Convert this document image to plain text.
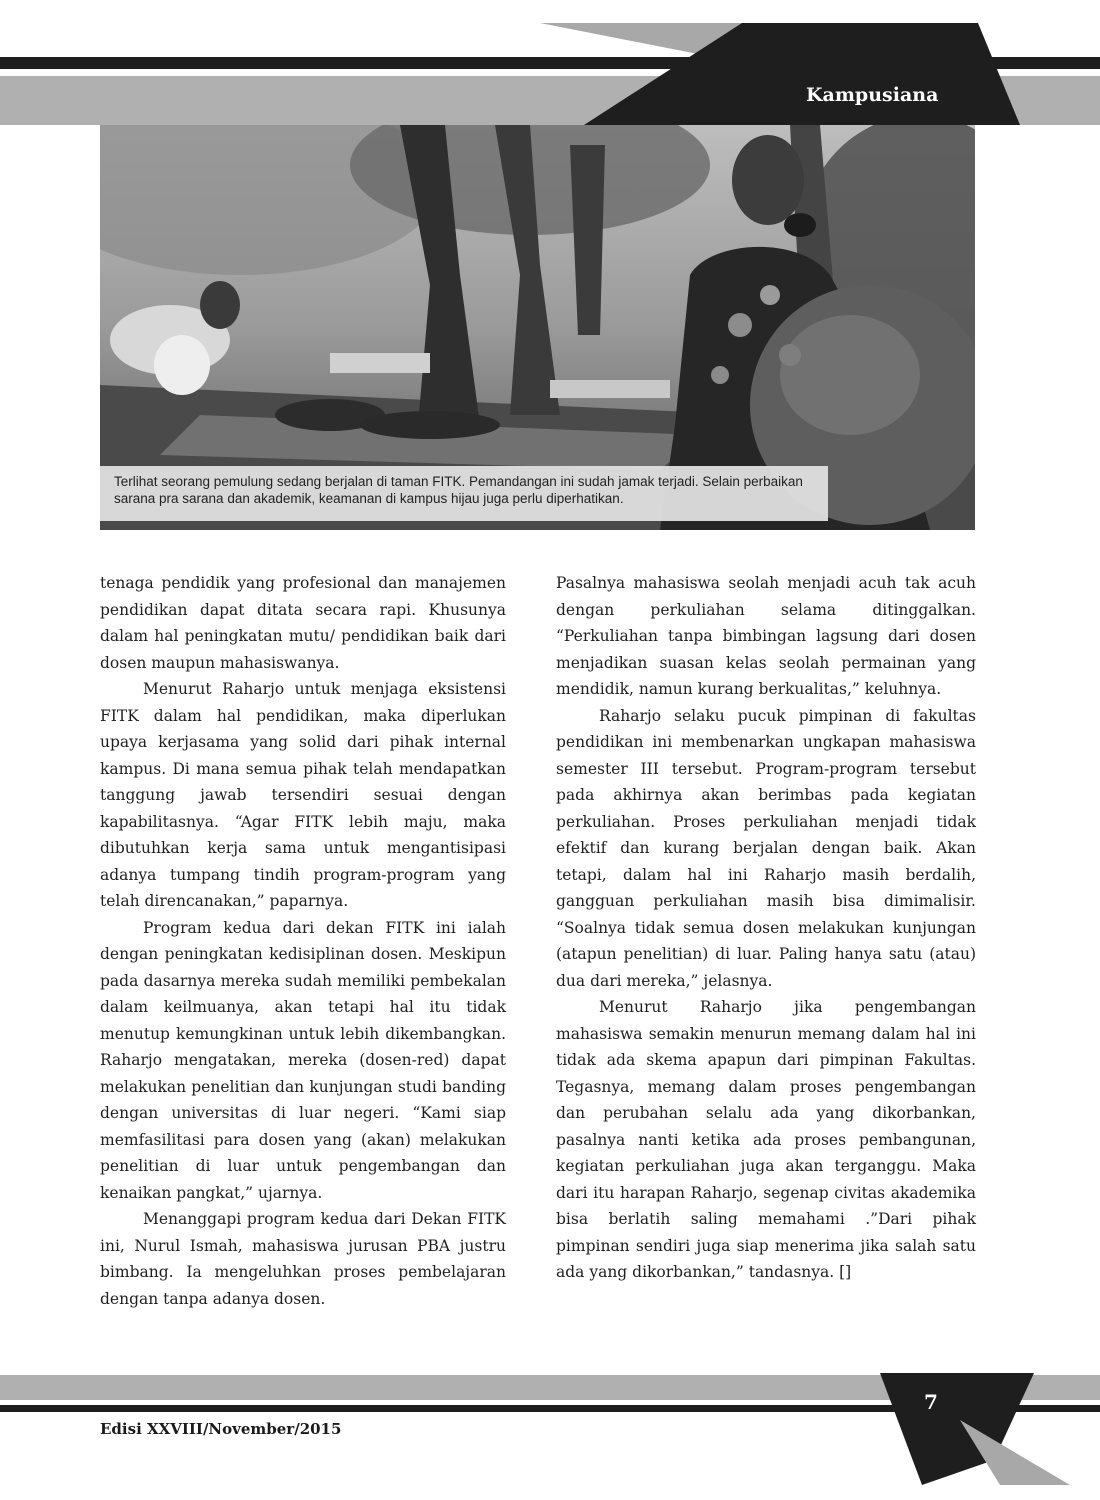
Kampusiana
Terlihat seorang pemulung sedang berjalan di taman FITK. Pemandangan ini sudah jamak terjadi. Selain perbaikan sarana pra sarana dan akademik, keamanan di kampus hijau juga perlu diperhatikan.

tenaga pendidik yang profesional dan manajemen pendidikan dapat ditata secara rapi. Khusunya dalam hal peningkatan mutu/ pendidikan baik dari dosen maupun mahasiswanya.

Menurut Raharjo untuk menjaga eksistensi FITK dalam hal pendidikan, maka diperlukan upaya kerjasama yang solid dari pihak internal kampus. Di mana semua pihak telah mendapatkan tanggung jawab tersendiri sesuai dengan kapabilitasnya. “Agar FITK lebih maju, maka dibutuhkan kerja sama untuk mengantisipasi adanya tumpang tindih program-program yang telah direncanakan,” paparnya.

Program kedua dari dekan FITK ini ialah dengan peningkatan kedisiplinan dosen. Meskipun pada dasarnya mereka sudah memiliki pembekalan dalam keilmuanya, akan tetapi hal itu tidak menutup kemungkinan untuk lebih dikembangkan. Raharjo mengatakan, mereka (dosen-red) dapat melakukan penelitian dan kunjungan studi banding dengan universitas di luar negeri. “Kami siap memfasilitasi para dosen yang (akan) melakukan penelitian di luar untuk pengembangan dan kenaikan pangkat,” ujarnya.

Menanggapi program kedua dari Dekan FITK ini, Nurul Ismah, mahasiswa jurusan PBA justru bimbang. Ia mengeluhkan proses pembelajaran dengan tanpa adanya dosen.

Pasalnya mahasiswa seolah menjadi acuh tak acuh dengan perkuliahan selama ditinggalkan. “Perkuliahan tanpa bimbingan lagsung dari dosen menjadikan suasan kelas seolah permainan yang mendidik, namun kurang berkualitas,” keluhnya.

Raharjo selaku pucuk pimpinan di fakultas pendidikan ini membenarkan ungkapan mahasiswa semester III tersebut. Program-program tersebut pada akhirnya akan berimbas pada kegiatan perkuliahan. Proses perkuliahan menjadi tidak efektif dan kurang berjalan dengan baik. Akan tetapi, dalam hal ini Raharjo masih berdalih, gangguan perkuliahan masih bisa dimimalisir. “Soalnya tidak semua dosen melakukan kunjungan (atapun penelitian) di luar. Paling hanya satu (atau) dua dari mereka,” jelasnya.

Menurut Raharjo jika pengembangan mahasiswa semakin menurun memang dalam hal ini tidak ada skema apapun dari pimpinan Fakultas. Tegasnya, memang dalam proses pengembangan dan perubahan selalu ada yang dikorbankan, pasalnya nanti ketika ada proses pembangunan, kegiatan perkuliahan juga akan terganggu. Maka dari itu harapan Raharjo, segenap civitas akademika bisa berlatih saling memahami .”Dari pihak pimpinan sendiri juga siap menerima jika salah satu ada yang dikorbankan,” tandasnya. []

7
Edisi XXVIII/November/2015
